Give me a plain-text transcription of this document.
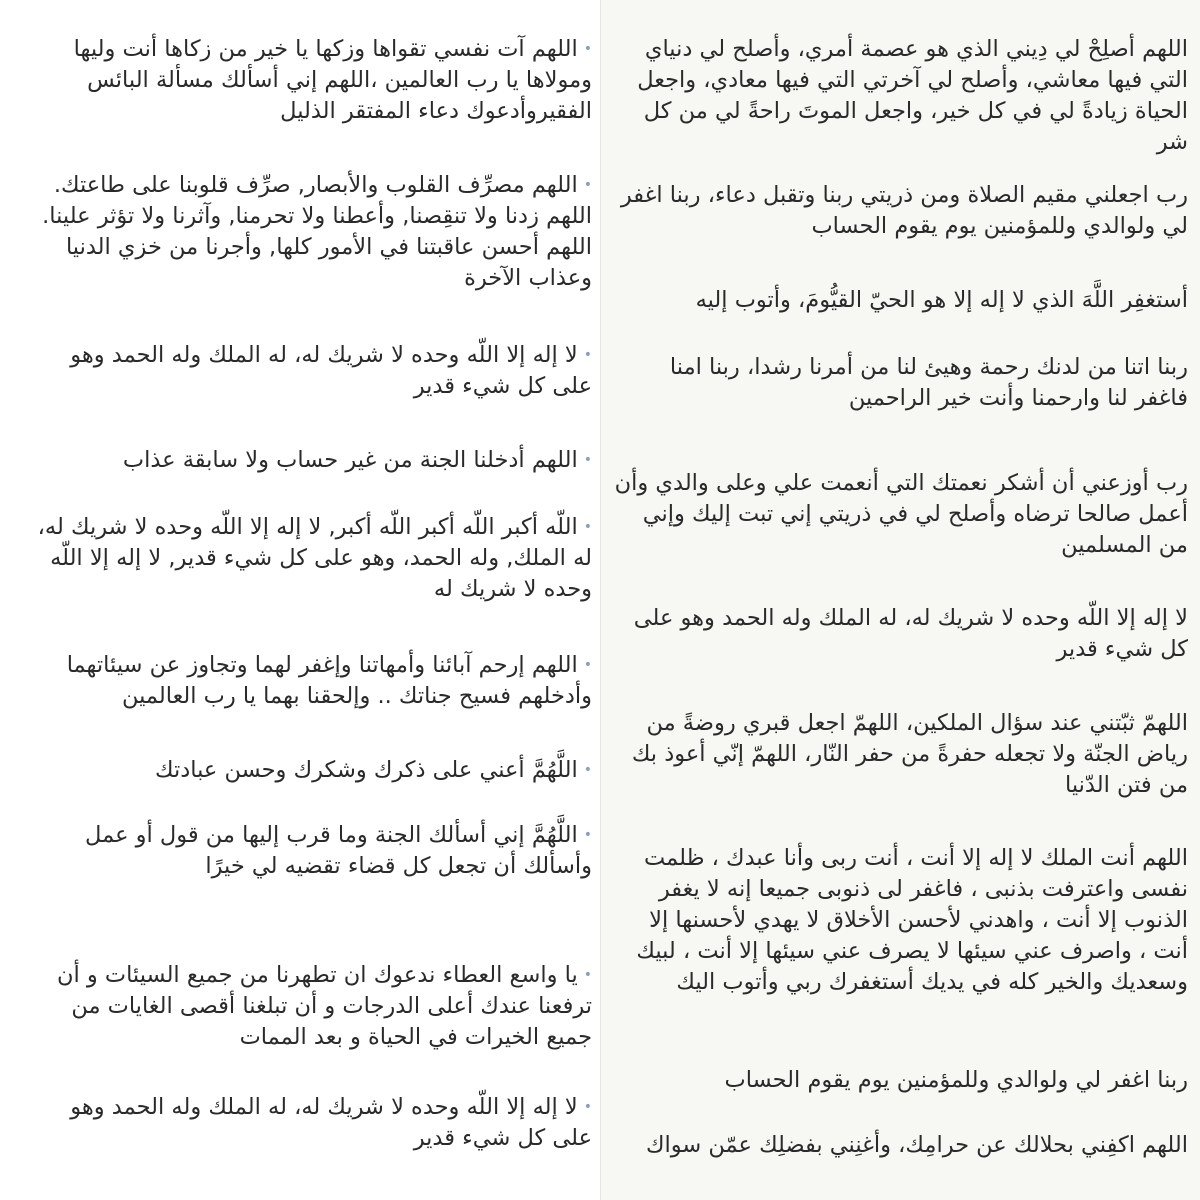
•اللهم آت نفسي تقواها وزكها يا خير من زكاها أنت وليها ومولاها يا رب العالمين ،اللهم إني أسألك مسألة البائس الفقيروأدعوك دعاء المفتقر الذليل
•اللهم مصرِّف القلوب والأبصار, صرِّف قلوبنا على طاعتك. اللهم زدنا ولا تنقِصنا, وأعطنا ولا تحرمنا, وآثرنا ولا تؤثر علينا. اللهم أحسن عاقبتنا في الأمور كلها, وأجرنا من خزي الدنيا وعذاب الآخرة
•لا إله إلا اللّه وحده لا شريك له، له الملك وله الحمد وهو على كل شيء قدير
•اللهم أدخلنا الجنة من غير حساب ولا سابقة عذاب
•اللّه أكبر اللّه أكبر اللّه أكبر, لا إله إلا اللّه وحده لا شريك له، له الملك, وله الحمد، وهو على كل شيء قدير, لا إله إلا اللّه وحده لا شريك له
•اللهم إرحم آبائنا وأمهاتنا وإغفر لهما وتجاوز عن سيئاتهما وأدخلهم فسيح جناتك .. وإلحقنا بهما يا رب العالمين
•اللَّهُمَّ أعني على ذكرك وشكرك وحسن عبادتك
•اللَّهُمَّ إني أسألك الجنة وما قرب إليها من قول أو عمل وأسألك أن تجعل كل قضاء تقضيه لي خيرًا
•يا واسع العطاء ندعوك ان تطهرنا من جميع السيئات و أن ترفعنا عندك أعلى الدرجات و أن تبلغنا أقصى الغايات من جميع الخيرات في الحياة و بعد الممات
•لا إله إلا اللّه وحده لا شريك له، له الملك وله الحمد وهو على كل شيء قدير
اللهم أصلِحْ لي دِيني الذي هو عصمة أمري، وأصلح لي دنياي التي فيها معاشي، وأصلح لي آخرتي التي فيها معادي، واجعل الحياة زيادةً لي في كل خير، واجعل الموتَ راحةً لي من كل شر
رب اجعلني مقيم الصلاة ومن ذريتي ربنا وتقبل دعاء، ربنا اغفر لي ولوالدي وللمؤمنين يوم يقوم الحساب
أستغفِر اللَّهَ الذي لا إله إلا هو الحيّ القيُّومَ، وأتوب إليه
ربنا اتنا من لدنك رحمة وهيئ لنا من أمرنا رشدا، ربنا امنا فاغفر لنا وارحمنا وأنت خير الراحمين
رب أوزعني أن أشكر نعمتك التي أنعمت علي وعلى والدي وأن أعمل صالحا ترضاه وأصلح لي في ذريتي إني تبت إليك وإني من المسلمين
لا إله إلا اللّه وحده لا شريك له، له الملك وله الحمد وهو على كل شيء قدير
اللهمّ ثبّتني عند سؤال الملكين، اللهمّ اجعل قبري روضةً من رياض الجنّة ولا تجعله حفرةً من حفر النّار، اللهمّ إنّي أعوذ بك من فتن الدّنيا
اللهم أنت الملك لا إله إلا أنت ، أنت ربى وأنا عبدك ، ظلمت نفسى واعترفت بذنبى ، فاغفر لى ذنوبى جميعا إنه لا يغفر الذنوب إلا أنت ، واهدني لأحسن الأخلاق لا يهدي لأحسنها إلا أنت ، واصرف عني سيئها لا يصرف عني سيئها إلا أنت ، لبيك وسعديك والخير كله في يديك أستغفرك ربي وأتوب اليك
ربنا اغفر لي ولوالدي وللمؤمنين يوم يقوم الحساب
اللهم اكفِني بحلالك عن حرامِك، وأغنِني بفضلِك عمّن سواك
